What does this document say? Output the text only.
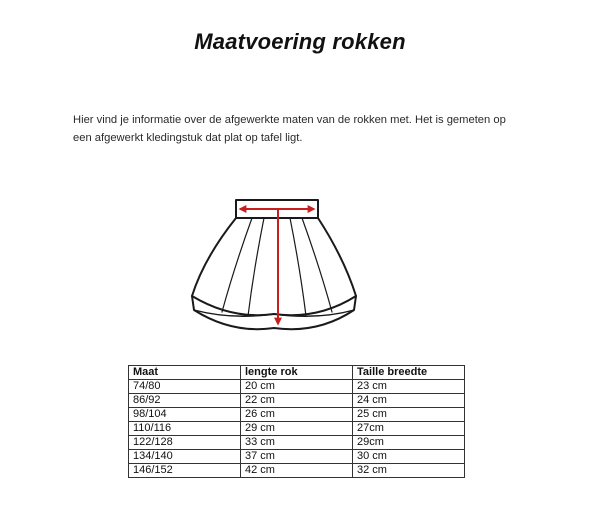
Maatvoering rokken
Hier vind je informatie over de afgewerkte maten van de rokken met. Het is gemeten op
een afgewerkt kledingstuk dat plat op tafel ligt.
Maat	lengte rok	Taille breedte
74/80	20 cm	23 cm
86/92	22 cm	24 cm
98/104	26 cm	25 cm
110/116	29 cm	27cm
122/128	33 cm	29cm
134/140	37 cm	30 cm
146/152	42 cm	32 cm
